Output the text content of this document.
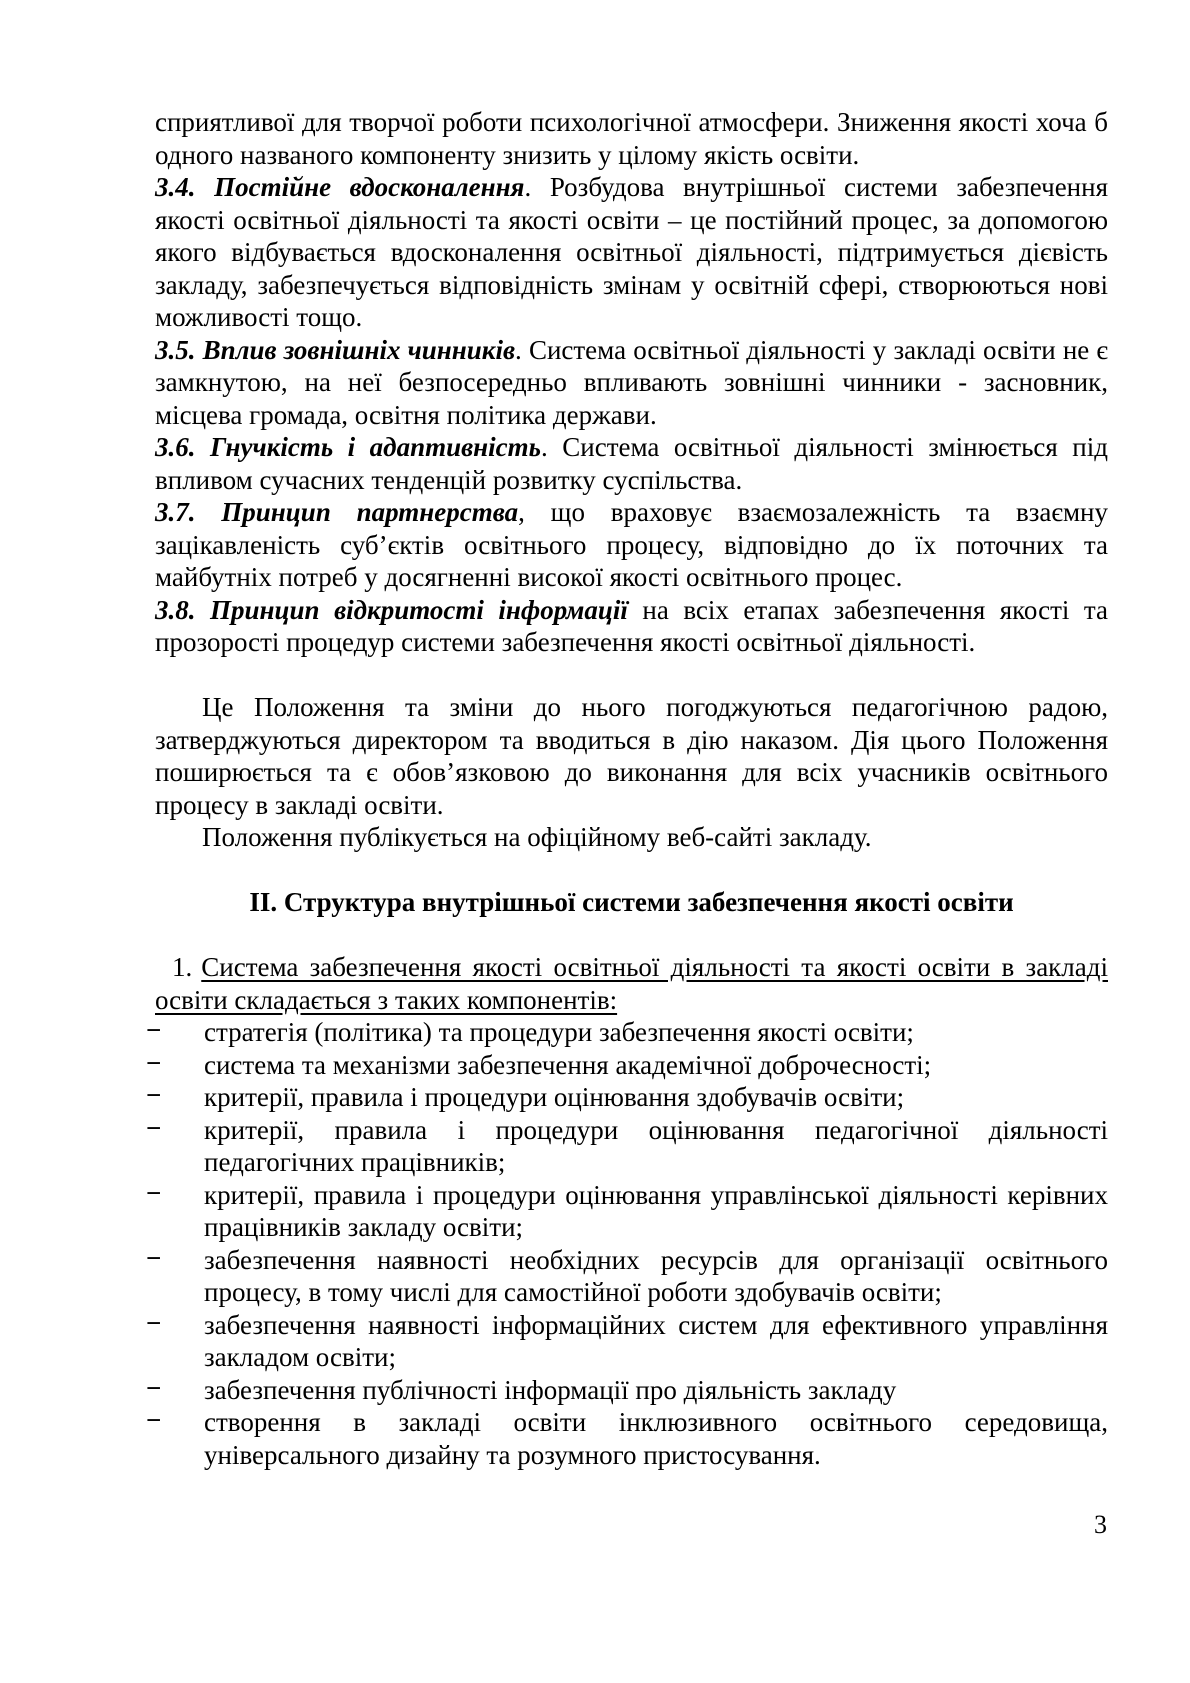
сприятливої для творчої роботи психологічної атмосфери. Зниження якості хоча б одного названого компоненту знизить у цілому якість освіти.

3.4. Постійне вдосконалення. Розбудова внутрішньої системи забезпечення якості освітньої діяльності та якості освіти – це постійний процес, за допомогою якого відбувається вдосконалення освітньої діяльності, підтримується дієвість закладу, забезпечується відповідність змінам у освітній сфері, створюються нові можливості тощо.

3.5. Вплив зовнішніх чинників. Система освітньої діяльності у закладі освіти не є замкнутою, на неї безпосередньо впливають зовнішні чинники - засновник, місцева громада, освітня політика держави.

3.6. Гнучкість і адаптивність. Система освітньої діяльності змінюється під впливом сучасних тенденцій розвитку суспільства.

3.7. Принцип партнерства, що враховує взаємозалежність та взаємну зацікавленість суб’єктів освітнього процесу, відповідно до їх поточних та майбутніх потреб у досягненні високої якості освітнього процес.

3.8. Принцип відкритості інформації на всіх етапах забезпечення якості та прозорості процедур системи забезпечення якості освітньої діяльності.

Це Положення та зміни до нього погоджуються педагогічною радою, затверджуються директором та вводиться в дію наказом. Дія цього Положення поширюється та є обов’язковою до виконання для всіх учасників освітнього процесу в закладі освіти.

Положення публікується на офіційному веб-сайті закладу.

ІІ. Структура внутрішньої системи забезпечення якості освіти

1. Система забезпечення якості освітньої діяльності та якості освіти в закладі освіти складається з таких компонентів:

− стратегія (політика) та процедури забезпечення якості освіти;
− система та механізми забезпечення академічної доброчесності;
− критерії, правила і процедури оцінювання здобувачів освіти;
− критерії, правила і процедури оцінювання педагогічної діяльності педагогічних працівників;
− критерії, правила і процедури оцінювання управлінської діяльності керівних працівників закладу освіти;
− забезпечення наявності необхідних ресурсів для організації освітнього процесу, в тому числі для самостійної роботи здобувачів освіти;
− забезпечення наявності інформаційних систем для ефективного управління закладом освіти;
− забезпечення публічності інформації про діяльність закладу
− створення в закладі освіти інклюзивного освітнього середовища, універсального дизайну та розумного пристосування.
3
